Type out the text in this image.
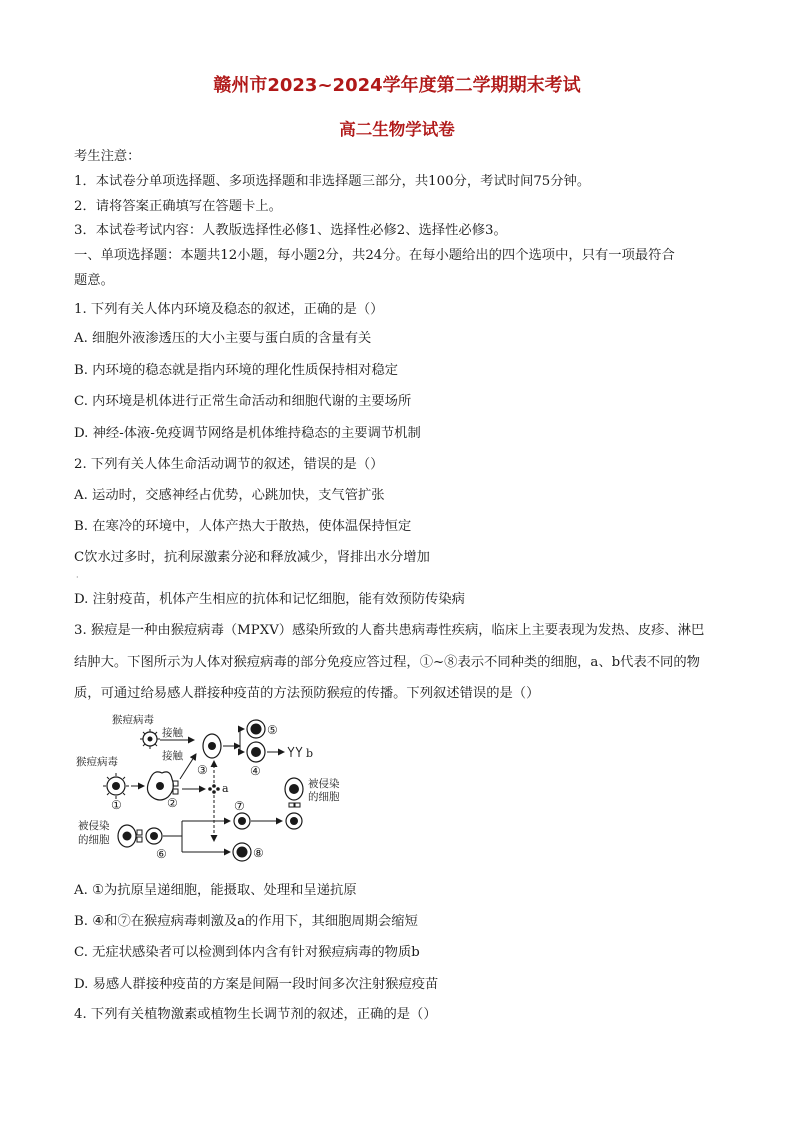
赣州市2023~2024学年度第二学期期末考试
高二生物学试卷
考生注意：
1．本试卷分单项选择题、多项选择题和非选择题三部分，共100分，考试时间75分钟。
2．请将答案正确填写在答题卡上。
3．本试卷考试内容：人教版选择性必修1、选择性必修2、选择性必修3。
一、单项选择题：本题共12小题，每小题2分，共24分。在每小题给出的四个选项中，只有一项最符合
题意。
1. 下列有关人体内环境及稳态的叙述，正确的是（）
A. 细胞外液渗透压的大小主要与蛋白质的含量有关
B. 内环境的稳态就是指内环境的理化性质保持相对稳定
C. 内环境是机体进行正常生命活动和细胞代谢的主要场所
D. 神经-体液-免疫调节网络是机体维持稳态的主要调节机制
2. 下列有关人体生命活动调节的叙述，错误的是（）
A. 运动时，交感神经占优势，心跳加快，支气管扩张
B. 在寒冷的环境中，人体产热大于散热，使体温保持恒定
C饮水过多时，抗利尿激素分泌和释放减少，肾排出水分增加
·
D. 注射疫苗，机体产生相应的抗体和记忆细胞，能有效预防传染病
3. 猴痘是一种由猴痘病毒（MPXV）感染所致的人畜共患病毒性疾病，临床上主要表现为发热、皮疹、淋巴
结肿大。下图所示为人体对猴痘病毒的部分免疫应答过程，①~⑧表示不同种类的细胞，a、b代表不同的物
质，可通过给易感人群接种疫苗的方法预防猴痘的传播。下列叙述错误的是（）
猴痘病毒
接触
接触
③
⑤
④
b
猴痘病毒
①	②
a
被侵染
的细胞
⑥
⑦
⑧
被侵染
的细胞
A. ①为抗原呈递细胞，能摄取、处理和呈递抗原
B. ④和⑦在猴痘病毒刺激及a的作用下，其细胞周期会缩短
C. 无症状感染者可以检测到体内含有针对猴痘病毒的物质b
D. 易感人群接种疫苗的方案是间隔一段时间多次注射猴痘疫苗
4. 下列有关植物激素或植物生长调节剂的叙述，正确的是（）
